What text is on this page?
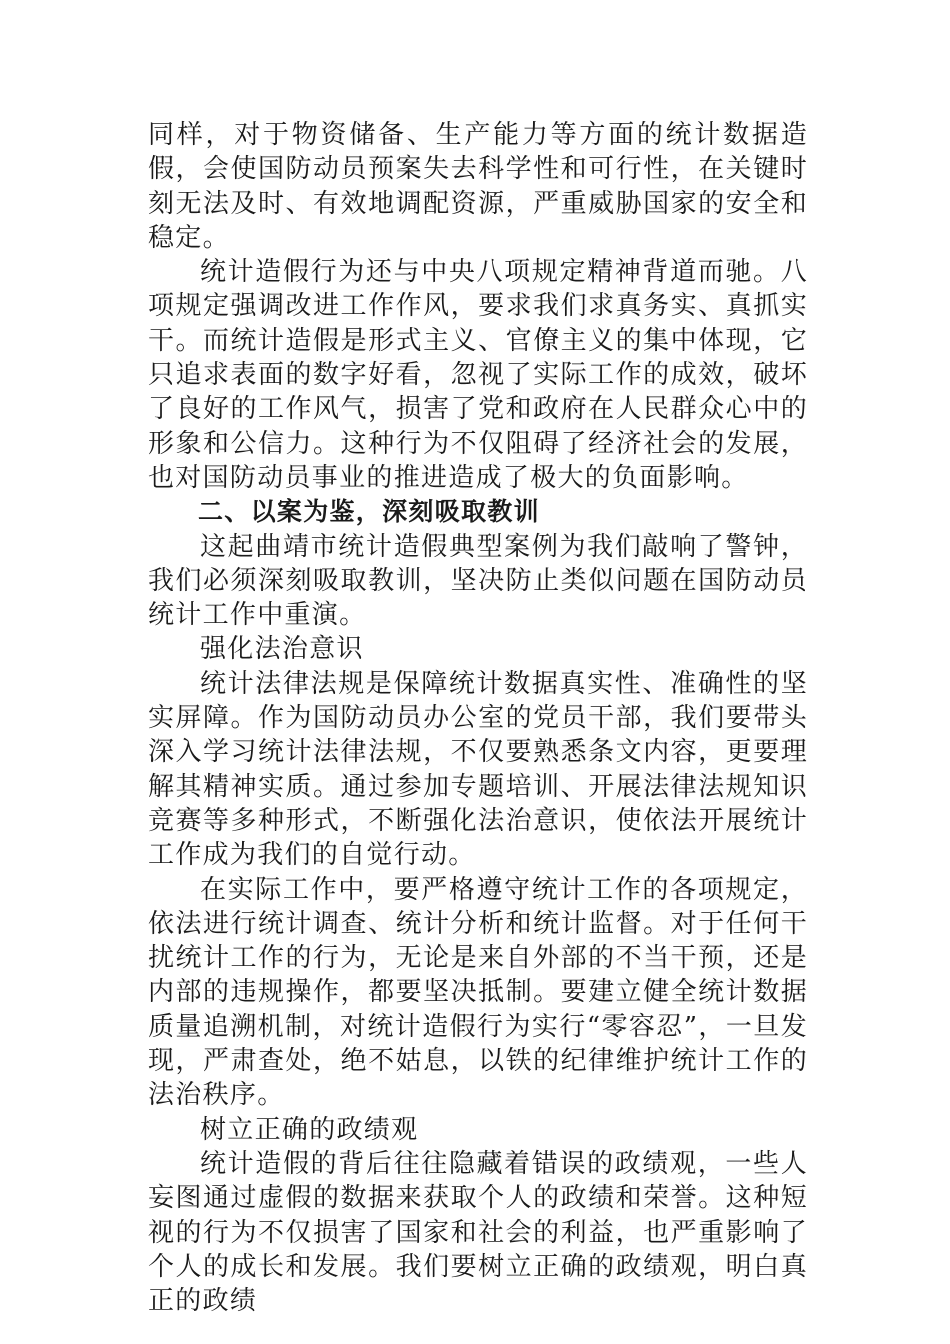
同样，对于物资储备、生产能力等方面的统计数据造假，会使国防动员预案失去科学性和可行性，在关键时刻无法及时、有效地调配资源，严重威胁国家的安全和稳定。

统计造假行为还与中央八项规定精神背道而驰。八项规定强调改进工作作风，要求我们求真务实、真抓实干。而统计造假是形式主义、官僚主义的集中体现，它只追求表面的数字好看，忽视了实际工作的成效，破坏了良好的工作风气，损害了党和政府在人民群众心中的形象和公信力。这种行为不仅阻碍了经济社会的发展，也对国防动员事业的推进造成了极大的负面影响。

二、以案为鉴，深刻吸取教训

这起曲靖市统计造假典型案例为我们敲响了警钟，我们必须深刻吸取教训，坚决防止类似问题在国防动员统计工作中重演。

强化法治意识

统计法律法规是保障统计数据真实性、准确性的坚实屏障。作为国防动员办公室的党员干部，我们要带头深入学习统计法律法规，不仅要熟悉条文内容，更要理解其精神实质。通过参加专题培训、开展法律法规知识竞赛等多种形式，不断强化法治意识，使依法开展统计工作成为我们的自觉行动。

在实际工作中，要严格遵守统计工作的各项规定，依法进行统计调查、统计分析和统计监督。对于任何干扰统计工作的行为，无论是来自外部的不当干预，还是内部的违规操作，都要坚决抵制。要建立健全统计数据质量追溯机制，对统计造假行为实行“零容忍”，一旦发现，严肃查处，绝不姑息，以铁的纪律维护统计工作的法治秩序。

树立正确的政绩观

统计造假的背后往往隐藏着错误的政绩观，一些人妄图通过虚假的数据来获取个人的政绩和荣誉。这种短视的行为不仅损害了国家和社会的利益，也严重影响了个人的成长和发展。我们要树立正确的政绩观，明白真正的政绩
